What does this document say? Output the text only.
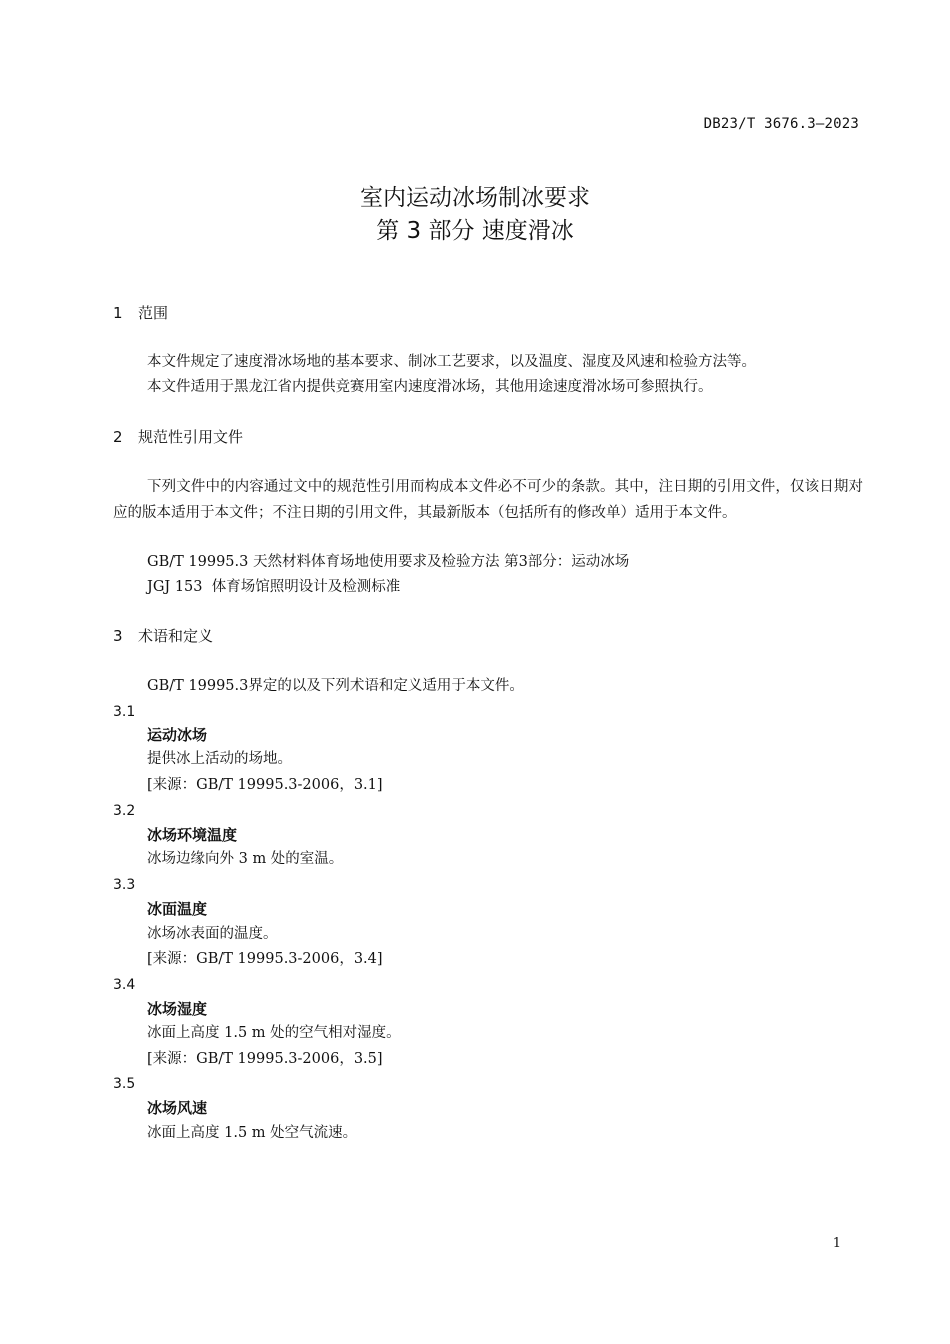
DB23/T 3676.3—2023
室内运动冰场制冰要求
第 3 部分 速度滑冰
1 范围
本文件规定了速度滑冰场地的基本要求、制冰工艺要求，以及温度、湿度及风速和检验方法等。
本文件适用于黑龙江省内提供竞赛用室内速度滑冰场，其他用途速度滑冰场可参照执行。
2 规范性引用文件
下列文件中的内容通过文中的规范性引用而构成本文件必不可少的条款。其中，注日期的引用文件，仅该日期对应的版本适用于本文件；不注日期的引用文件，其最新版本（包括所有的修改单）适用于本文件。
GB/T 19995.3 天然材料体育场地使用要求及检验方法 第3部分：运动冰场
JGJ 153  体育场馆照明设计及检测标准
3 术语和定义
GB/T 19995.3界定的以及下列术语和定义适用于本文件。
3.1
运动冰场
提供冰上活动的场地。
[来源：GB/T 19995.3-2006，3.1]
3.2
冰场环境温度
冰场边缘向外 3 m 处的室温。
3.3
冰面温度
冰场冰表面的温度。
[来源：GB/T 19995.3-2006，3.4]
3.4
冰场湿度
冰面上高度 1.5 m 处的空气相对湿度。
[来源：GB/T 19995.3-2006，3.5]
3.5
冰场风速
冰面上高度 1.5 m 处空气流速。
1
